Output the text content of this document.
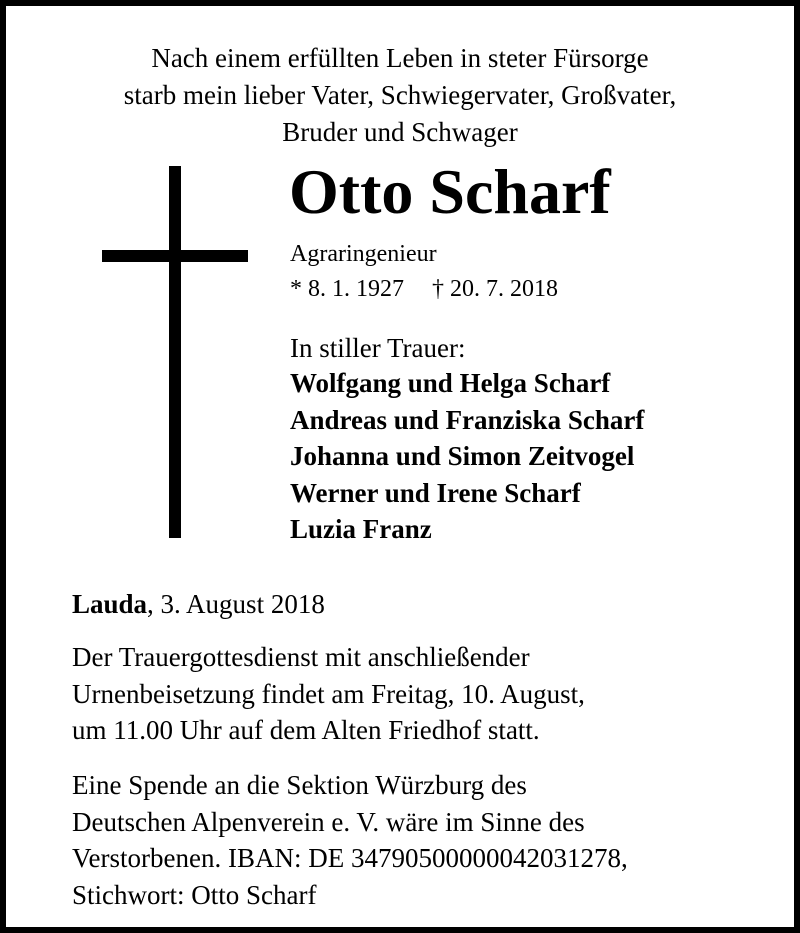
Nach einem erfüllten Leben in steter Fürsorge
starb mein lieber Vater, Schwiegervater, Großvater,
Bruder und Schwager
Otto Scharf
Agraringenieur
* 8. 1. 1927 † 20. 7. 2018
In stiller Trauer:
Wolfgang und Helga Scharf
Andreas und Franziska Scharf
Johanna und Simon Zeitvogel
Werner und Irene Scharf
Luzia Franz
Lauda, 3. August 2018
Der Trauergottesdienst mit anschließender
Urnenbeisetzung findet am Freitag, 10. August,
um 11.00 Uhr auf dem Alten Friedhof statt.
Eine Spende an die Sektion Würzburg des
Deutschen Alpenverein e. V. wäre im Sinne des
Verstorbenen. IBAN: DE 34790500000042031278,
Stichwort: Otto Scharf
